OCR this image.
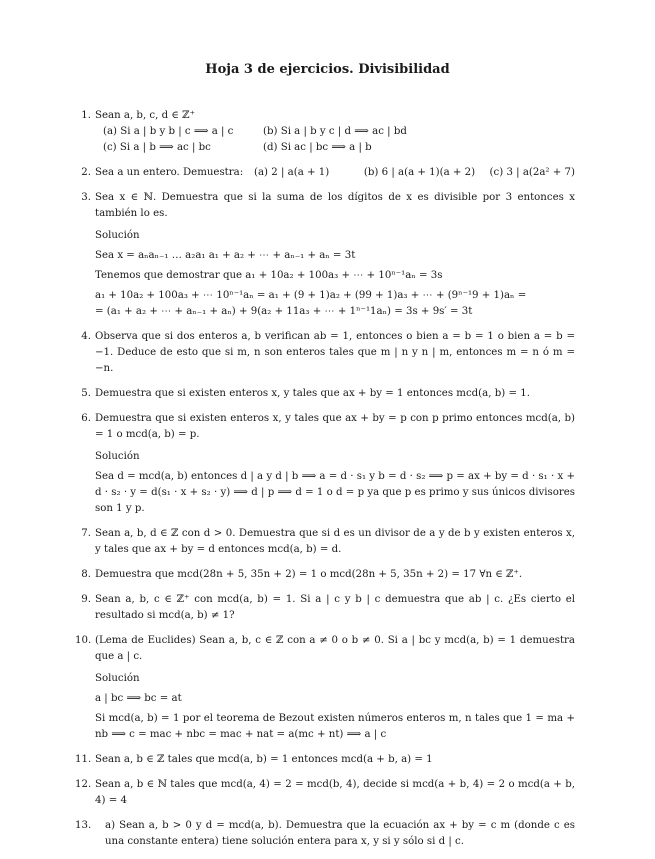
Hoja 3 de ejercicios. Divisibilidad
1. Sean a, b, c, d ∈ ℤ⁺
(a) Si a | b y b | c ⟹ a | c	(b) Si a | b y c | d ⟹ ac | bd
(c) Si a | b ⟹ ac | bc	(d) Si ac | bc ⟹ a | b
2. Sea a un entero. Demuestra:	(a) 2 | a(a + 1)	(b) 6 | a(a + 1)(a + 2)	(c) 3 | a(2a² + 7)
3. Sea x ∈ ℕ. Demuestra que si la suma de los dígitos de x es divisible por 3 entonces x también lo es.
Solución
Sea x = aₙaₙ₋₁ … a₂a₁ a₁ + a₂ + ⋯ + aₙ₋₁ + aₙ = 3t
Tenemos que demostrar que a₁ + 10a₂ + 100a₃ + ⋯ + 10ⁿ⁻¹aₙ = 3s
a₁ + 10a₂ + 100a₃ + ⋯ 10ⁿ⁻¹aₙ = a₁ + (9 + 1)a₂ + (99 + 1)a₃ + ⋯ + (9ⁿ⁻¹9 + 1)aₙ =
= (a₁ + a₂ + ⋯ + aₙ₋₁ + aₙ) + 9(a₂ + 11a₃ + ⋯ + 1ⁿ⁻¹1aₙ) = 3s + 9s′ = 3t
4. Observa que si dos enteros a, b verifican ab = 1, entonces o bien a = b = 1 o bien a = b = −1. Deduce de esto que si m, n son enteros tales que m | n y n | m, entonces m = n ó m = −n.
5. Demuestra que si existen enteros x, y tales que ax + by = 1 entonces mcd(a, b) = 1.
6. Demuestra que si existen enteros x, y tales que ax + by = p con p primo entonces mcd(a, b) = 1 o mcd(a, b) = p.
Solución
Sea d = mcd(a, b) entonces d | a y d | b ⟹ a = d · s₁ y b = d · s₂ ⟹ p = ax + by = d · s₁ · x + d · s₂ · y = d(s₁ · x + s₂ · y) ⟹ d | p ⟹ d = 1 o d = p ya que p es primo y sus únicos divisores son 1 y p.
7. Sean a, b, d ∈ ℤ con d > 0. Demuestra que si d es un divisor de a y de b y existen enteros x, y tales que ax + by = d entonces mcd(a, b) = d.
8. Demuestra que mcd(28n + 5, 35n + 2) = 1 o mcd(28n + 5, 35n + 2) = 17 ∀n ∈ ℤ⁺.
9. Sean a, b, c ∈ ℤ⁺ con mcd(a, b) = 1. Si a | c y b | c demuestra que ab | c. ¿Es cierto el resultado si mcd(a, b) ≠ 1?
10. (Lema de Euclides) Sean a, b, c ∈ ℤ con a ≠ 0 o b ≠ 0. Si a | bc y mcd(a, b) = 1 demuestra que a | c.
Solución
a | bc ⟹ bc = at
Si mcd(a, b) = 1 por el teorema de Bezout existen números enteros m, n tales que 1 = ma + nb ⟹ c = mac + nbc = mac + nat = a(mc + nt) ⟹ a | c
11. Sean a, b ∈ ℤ tales que mcd(a, b) = 1 entonces mcd(a + b, a) = 1
12. Sean a, b ∈ ℕ tales que mcd(a, 4) = 2 = mcd(b, 4), decide si mcd(a + b, 4) = 2 o mcd(a + b, 4) = 4
13.	a) Sean a, b > 0 y d = mcd(a, b). Demuestra que la ecuación ax + by = c m (donde c es una constante entera) tiene solución entera para x, y si y sólo si d | c.
